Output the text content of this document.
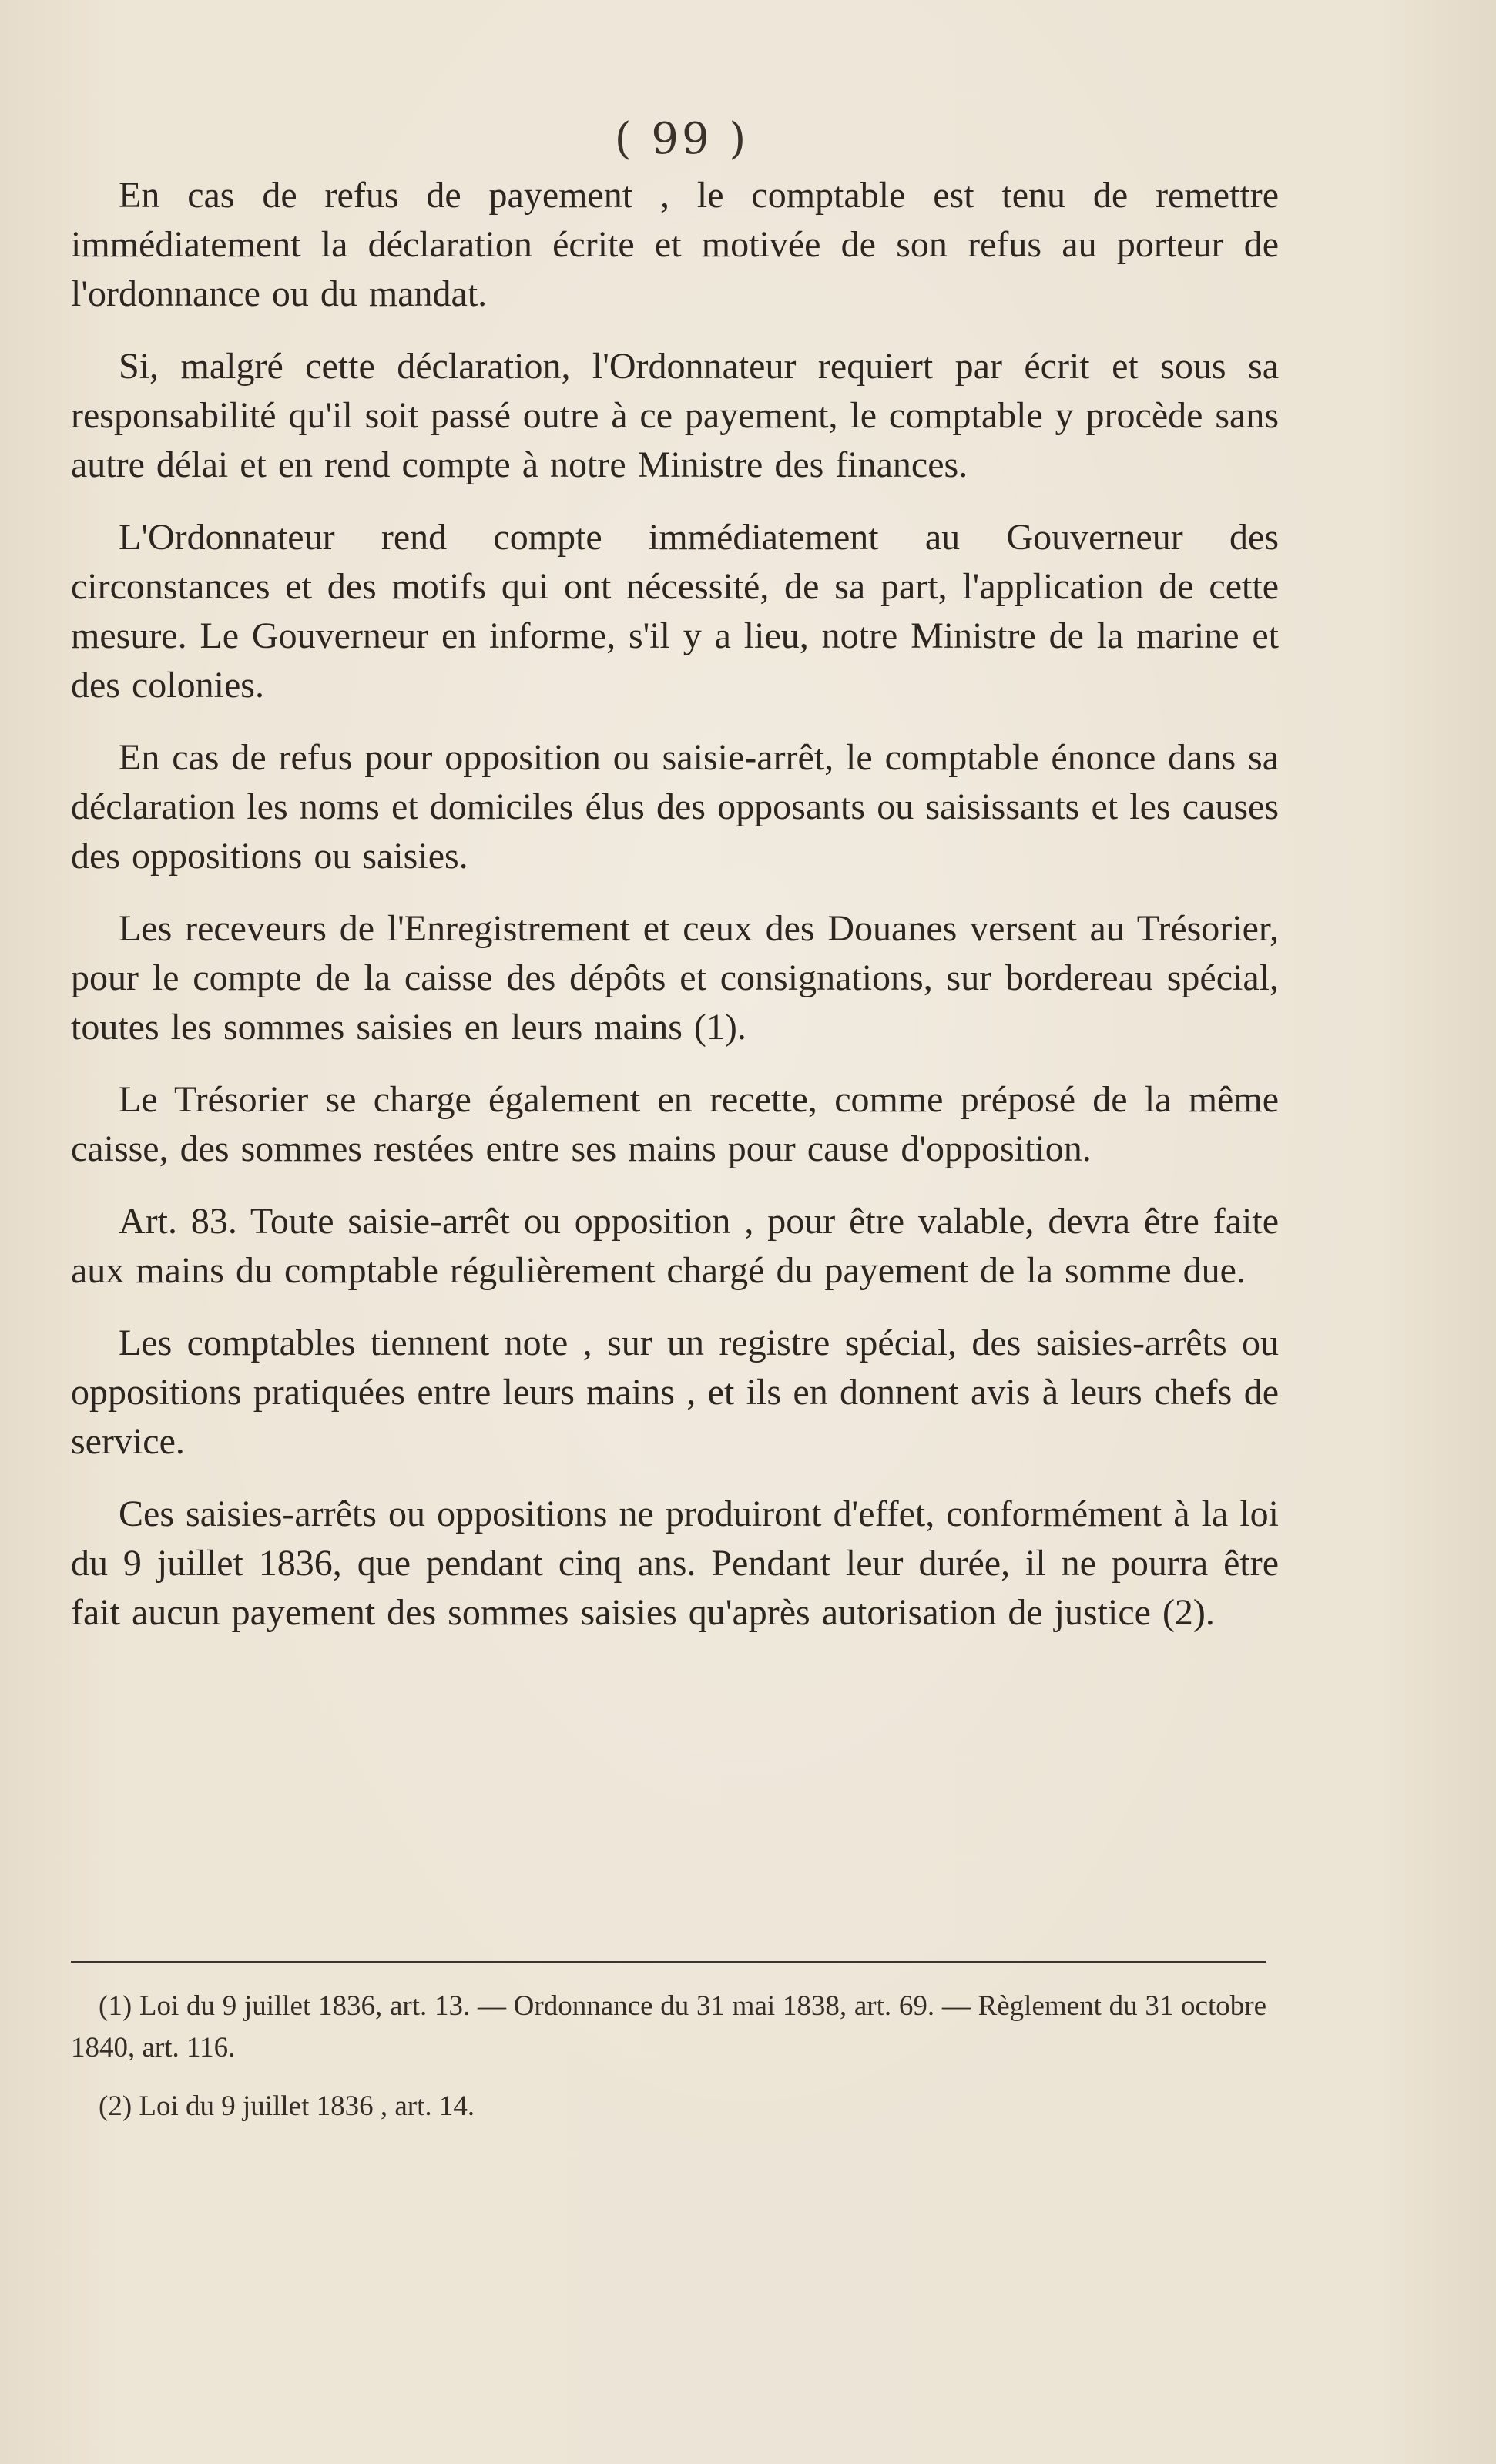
( 99 )

En cas de refus de payement , le comptable est tenu de remettre immédiatement la déclaration écrite et motivée de son refus au porteur de l'ordonnance ou du mandat.

Si, malgré cette déclaration, l'Ordonnateur requiert par écrit et sous sa responsabilité qu'il soit passé outre à ce payement, le comptable y procède sans autre délai et en rend compte à notre Ministre des finances.

L'Ordonnateur rend compte immédiatement au Gouverneur des circonstances et des motifs qui ont nécessité, de sa part, l'application de cette mesure. Le Gouverneur en informe, s'il y a lieu, notre Ministre de la marine et des colonies.

En cas de refus pour opposition ou saisie-arrêt, le comptable énonce dans sa déclaration les noms et domiciles élus des opposants ou saisissants et les causes des oppositions ou saisies.

Les receveurs de l'Enregistrement et ceux des Douanes versent au Trésorier, pour le compte de la caisse des dépôts et consignations, sur bordereau spécial, toutes les sommes saisies en leurs mains (1).

Le Trésorier se charge également en recette, comme préposé de la même caisse, des sommes restées entre ses mains pour cause d'opposition.

Art. 83. Toute saisie-arrêt ou opposition , pour être valable, devra être faite aux mains du comptable régulièrement chargé du payement de la somme due.

Les comptables tiennent note , sur un registre spécial, des saisies-arrêts ou oppositions pratiquées entre leurs mains , et ils en donnent avis à leurs chefs de service.

Ces saisies-arrêts ou oppositions ne produiront d'effet, conformément à la loi du 9 juillet 1836, que pendant cinq ans. Pendant leur durée, il ne pourra être fait aucun payement des sommes saisies qu'après autorisation de justice (2).

(1) Loi du 9 juillet 1836, art. 13. — Ordonnance du 31 mai 1838, art. 69. — Règlement du 31 octobre 1840, art. 116.

(2) Loi du 9 juillet 1836 , art. 14.
